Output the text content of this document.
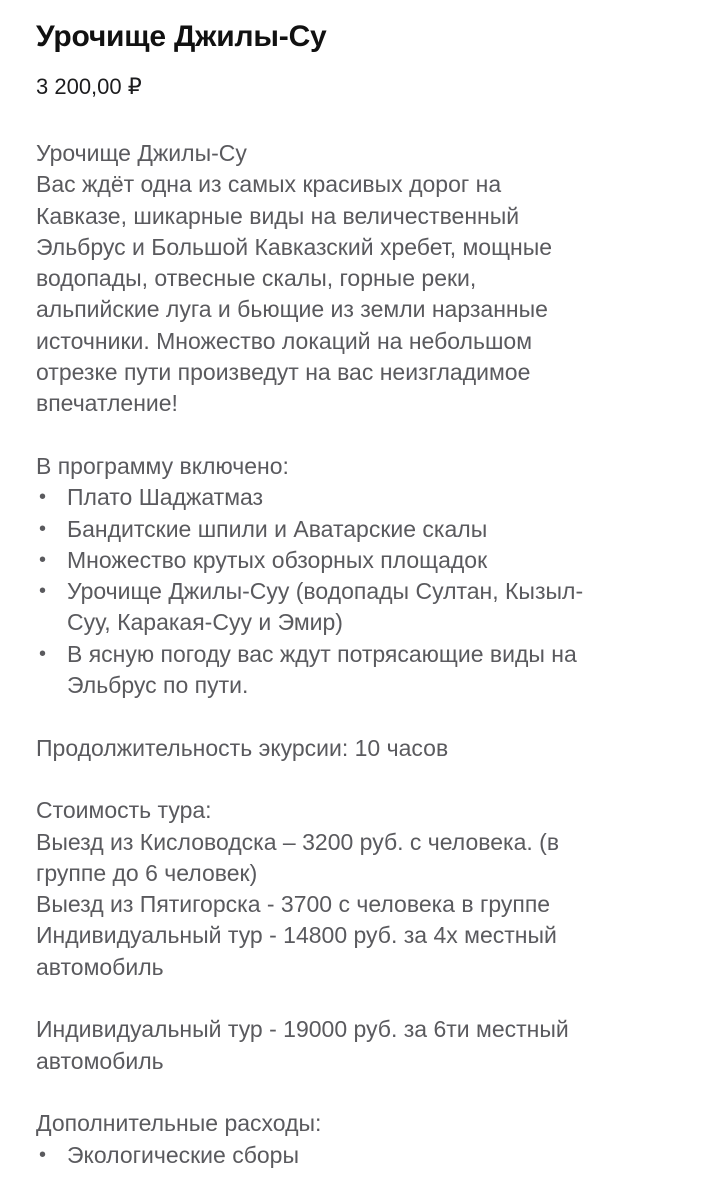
Урочище Джилы-Су
3 200,00 ₽
Урочище Джилы-Су
Вас ждёт одна из самых красивых дорог на
Кавказе, шикарные виды на величественный
Эльбрус и Большой Кавказский хребет, мощные
водопады, отвесные скалы, горные реки,
альпийские луга и бьющие из земли нарзанные
источники. Множество локаций на небольшом
отрезке пути произведут на вас неизгладимое
впечатление!
В программу включено:
• Плато Шаджатмаз
• Бандитские шпили и Аватарские скалы
• Множество крутых обзорных площадок
• Урочище Джилы-Суу (водопады Султан, Кызыл-
Суу, Каракая-Суу и Эмир)
• В ясную погоду вас ждут потрясающие виды на
Эльбрус по пути.
Продолжительность экурсии: 10 часов
Стоимость тура:
Выезд из Кисловодска – 3200 руб. с человека. (в
группе до 6 человек)
Выезд из Пятигорска - 3700 с человека в группе
Индивидуальный тур - 14800 руб. за 4х местный
автомобиль
Индивидуальный тур - 19000 руб. за 6ти местный
автомобиль
Дополнительные расходы:
• Экологические сборы
